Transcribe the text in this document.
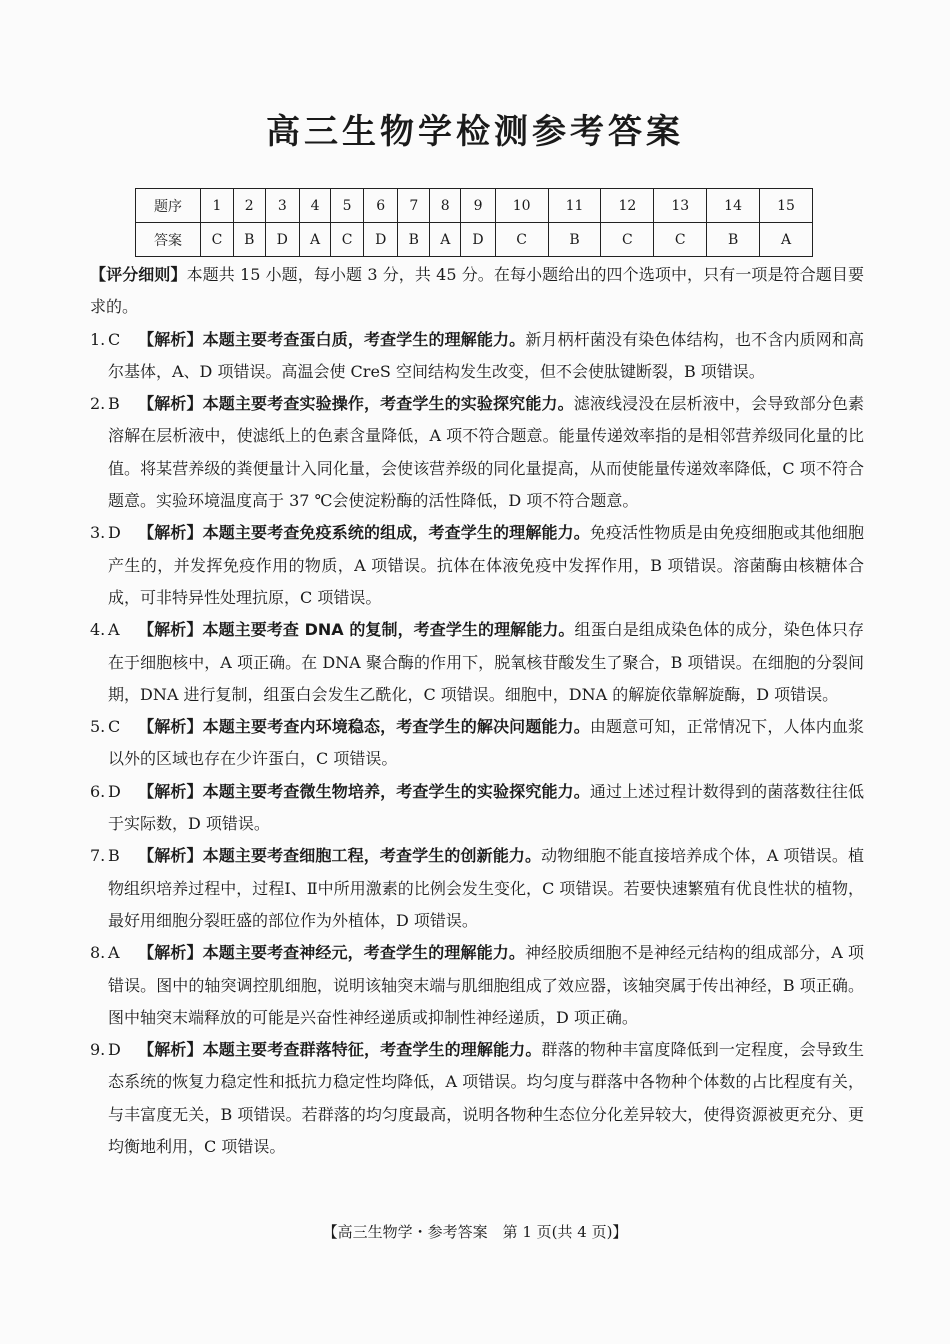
高三生物学检测参考答案
题序	1	2	3	4	5	6	7	8	9	10	11	12	13	14	15
答案	C	B	D	A	C	D	B	A	D	C	B	C	C	B	A

【评分细则】本题共 15 小题，每小题 3 分，共 45 分。在每小题给出的四个选项中，只有一项是符合题目要求的。

1. C 【解析】本题主要考查蛋白质，考查学生的理解能力。新月柄杆菌没有染色体结构，也不含内质网和高尔基体，A、D 项错误。高温会使 CreS 空间结构发生改变，但不会使肽键断裂，B 项错误。

2. B 【解析】本题主要考查实验操作，考查学生的实验探究能力。滤液线浸没在层析液中，会导致部分色素溶解在层析液中，使滤纸上的色素含量降低，A 项不符合题意。能量传递效率指的是相邻营养级同化量的比值。将某营养级的粪便量计入同化量，会使该营养级的同化量提高，从而使能量传递效率降低，C 项不符合题意。实验环境温度高于 37 ℃会使淀粉酶的活性降低，D 项不符合题意。

3. D 【解析】本题主要考查免疫系统的组成，考查学生的理解能力。免疫活性物质是由免疫细胞或其他细胞产生的，并发挥免疫作用的物质，A 项错误。抗体在体液免疫中发挥作用，B 项错误。溶菌酶由核糖体合成，可非特异性处理抗原，C 项错误。

4. A 【解析】本题主要考查 DNA 的复制，考查学生的理解能力。组蛋白是组成染色体的成分，染色体只存在于细胞核中，A 项正确。在 DNA 聚合酶的作用下，脱氧核苷酸发生了聚合，B 项错误。在细胞的分裂间期，DNA 进行复制，组蛋白会发生乙酰化，C 项错误。细胞中，DNA 的解旋依靠解旋酶，D 项错误。

5. C 【解析】本题主要考查内环境稳态，考查学生的解决问题能力。由题意可知，正常情况下，人体内血浆以外的区域也存在少许蛋白，C 项错误。

6. D 【解析】本题主要考查微生物培养，考查学生的实验探究能力。通过上述过程计数得到的菌落数往往低于实际数，D 项错误。

7. B 【解析】本题主要考查细胞工程，考查学生的创新能力。动物细胞不能直接培养成个体，A 项错误。植物组织培养过程中，过程Ⅰ、Ⅱ中所用激素的比例会发生变化，C 项错误。若要快速繁殖有优良性状的植物，最好用细胞分裂旺盛的部位作为外植体，D 项错误。

8. A 【解析】本题主要考查神经元，考查学生的理解能力。神经胶质细胞不是神经元结构的组成部分，A 项错误。图中的轴突调控肌细胞，说明该轴突末端与肌细胞组成了效应器，该轴突属于传出神经，B 项正确。图中轴突末端释放的可能是兴奋性神经递质或抑制性神经递质，D 项正确。

9. D 【解析】本题主要考查群落特征，考查学生的理解能力。群落的物种丰富度降低到一定程度，会导致生态系统的恢复力稳定性和抵抗力稳定性均降低，A 项错误。均匀度与群落中各物种个体数的占比程度有关，与丰富度无关，B 项错误。若群落的均匀度最高，说明各物种生态位分化差异较大，使得资源被更充分、更均衡地利用，C 项错误。

【高三生物学・参考答案　第 1 页(共 4 页)】
